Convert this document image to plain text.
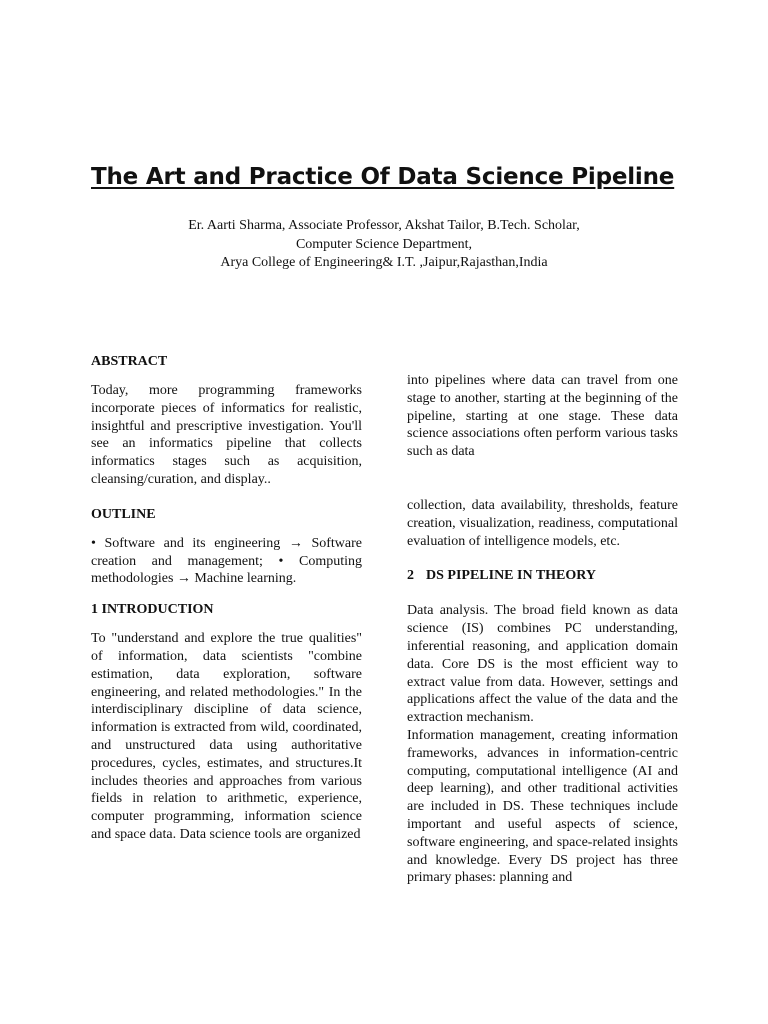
The Art and Practice Of Data Science Pipeline
Er. Aarti Sharma, Associate Professor, Akshat Tailor, B.Tech. Scholar,
Computer Science Department,
Arya College of Engineering& I.T. ,Jaipur,Rajasthan,India
ABSTRACT

Today, more programming frameworks incorporate pieces of informatics for realistic, insightful and prescriptive investigation. You'll see an informatics pipeline that collects informatics stages such as acquisition, cleansing/curation, and display..

OUTLINE

• Software and its engineering → Software creation and management; • Computing methodologies → Machine learning.

1 INTRODUCTION

To "understand and explore the true qualities" of information, data scientists "combine estimation, data exploration, software engineering, and related methodologies." In the interdisciplinary discipline of data science, information is extracted from wild, coordinated, and unstructured data using authoritative procedures, cycles, estimates, and structures.It includes theories and approaches from various fields in relation to arithmetic, experience, computer programming, information science and space data. Data science tools are organized

into pipelines where data can travel from one stage to another, starting at the beginning of the pipeline, starting at one stage. These data science associations often perform various tasks such as data

collection, data availability, thresholds, feature creation, visualization, readiness, computational evaluation of intelligence models, etc.

2 DS PIPELINE IN THEORY

Data analysis. The broad field known as data science (IS) combines PC understanding, inferential reasoning, and application domain data. Core DS is the most efficient way to extract value from data. However, settings and applications affect the value of the data and the extraction mechanism.

Information management, creating information frameworks, advances in information-centric computing, computational intelligence (AI and deep learning), and other traditional activities are included in DS. These techniques include important and useful aspects of science, software engineering, and space-related insights and knowledge. Every DS project has three primary phases: planning and
